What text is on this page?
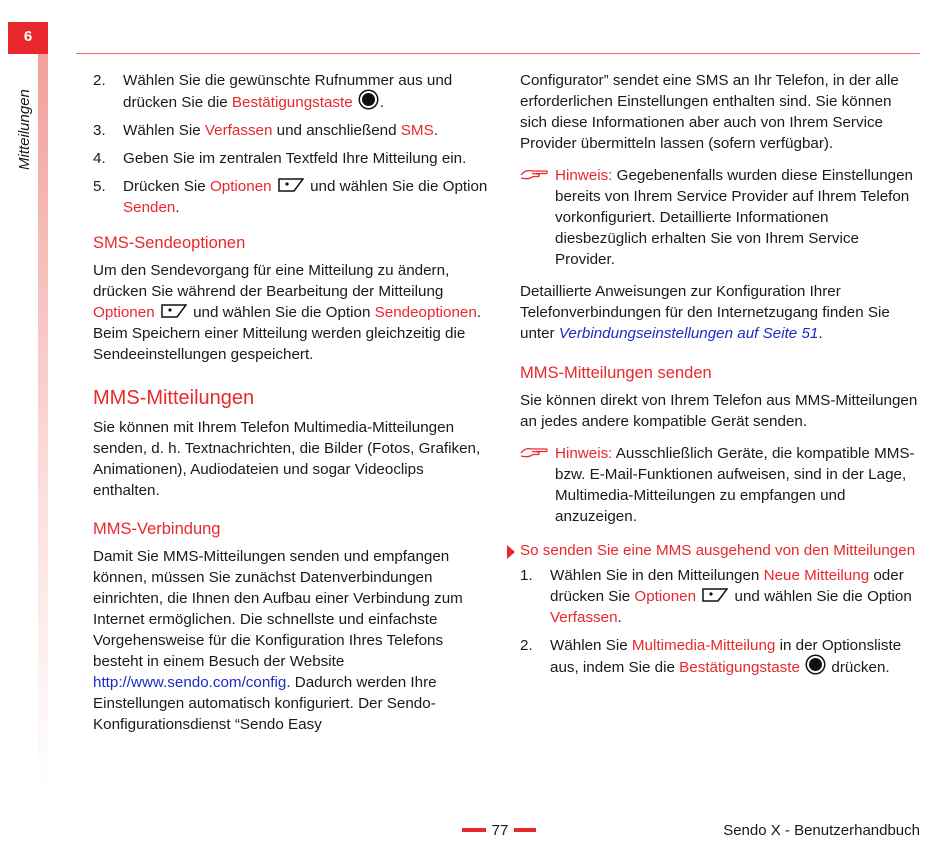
6
Mitteilungen
2. Wählen Sie die gewünschte Rufnummer aus und drücken Sie die Bestätigungstaste .
3. Wählen Sie Verfassen und anschließend SMS.
4. Geben Sie im zentralen Textfeld Ihre Mitteilung ein.
5. Drücken Sie Optionen	und wählen Sie die Option Senden.
SMS-Sendeoptionen

Um den Sendevorgang für eine Mitteilung zu ändern, drücken Sie während der Bearbeitung der Mitteilung Optionen  und wählen Sie die Option Sendeoptionen. Beim Speichern einer Mitteilung werden gleichzeitig die Sendeeinstellungen gespeichert.

MMS-Mitteilungen

Sie können mit Ihrem Telefon Multimedia-Mitteilungen senden, d. h. Textnachrichten, die Bilder (Fotos, Grafiken, Animationen), Audiodateien und sogar Videoclips enthalten.

MMS-Verbindung

Damit Sie MMS-Mitteilungen senden und empfangen können, müssen Sie zunächst Datenverbindungen einrichten, die Ihnen den Aufbau einer Verbindung zum Internet ermöglichen. Die schnellste und einfachste Vorgehensweise für die Konfiguration Ihres Telefons besteht in einem Besuch der Website http://www.sendo.com/config. Dadurch werden Ihre Einstellungen automatisch konfiguriert. Der Sendo-Konfigurationsdienst “Sendo Easy

Configurator” sendet eine SMS an Ihr Telefon, in der alle erforderlichen Einstellungen enthalten sind. Sie können sich diese Informationen aber auch von Ihrem Service Provider übermitteln lassen (sofern verfügbar).

Hinweis: Gegebenenfalls wurden diese Einstellungen bereits von Ihrem Service Provider auf Ihrem Telefon vorkonfiguriert. Detaillierte Informationen diesbezüglich erhalten Sie von Ihrem Service Provider.

Detaillierte Anweisungen zur Konfiguration Ihrer Telefonverbindungen für den Internetzugang finden Sie unter Verbindungseinstellungen auf Seite 51.

MMS-Mitteilungen senden

Sie können direkt von Ihrem Telefon aus MMS-Mitteilungen an jedes andere kompatible Gerät senden.

Hinweis: Ausschließlich Geräte, die kompatible MMS- bzw. E-Mail-Funktionen aufweisen, sind in der Lage, Multimedia-Mitteilungen zu empfangen und anzuzeigen.
So senden Sie eine MMS ausgehend von den Mitteilungen
1. Wählen Sie in den Mitteilungen Neue Mitteilung oder drücken Sie Optionen  und wählen Sie die Option Verfassen.
2. Wählen Sie Multimedia-Mitteilung in der Optionsliste aus, indem Sie die Bestätigungstaste  drücken.
77	Sendo X - Benutzerhandbuch
